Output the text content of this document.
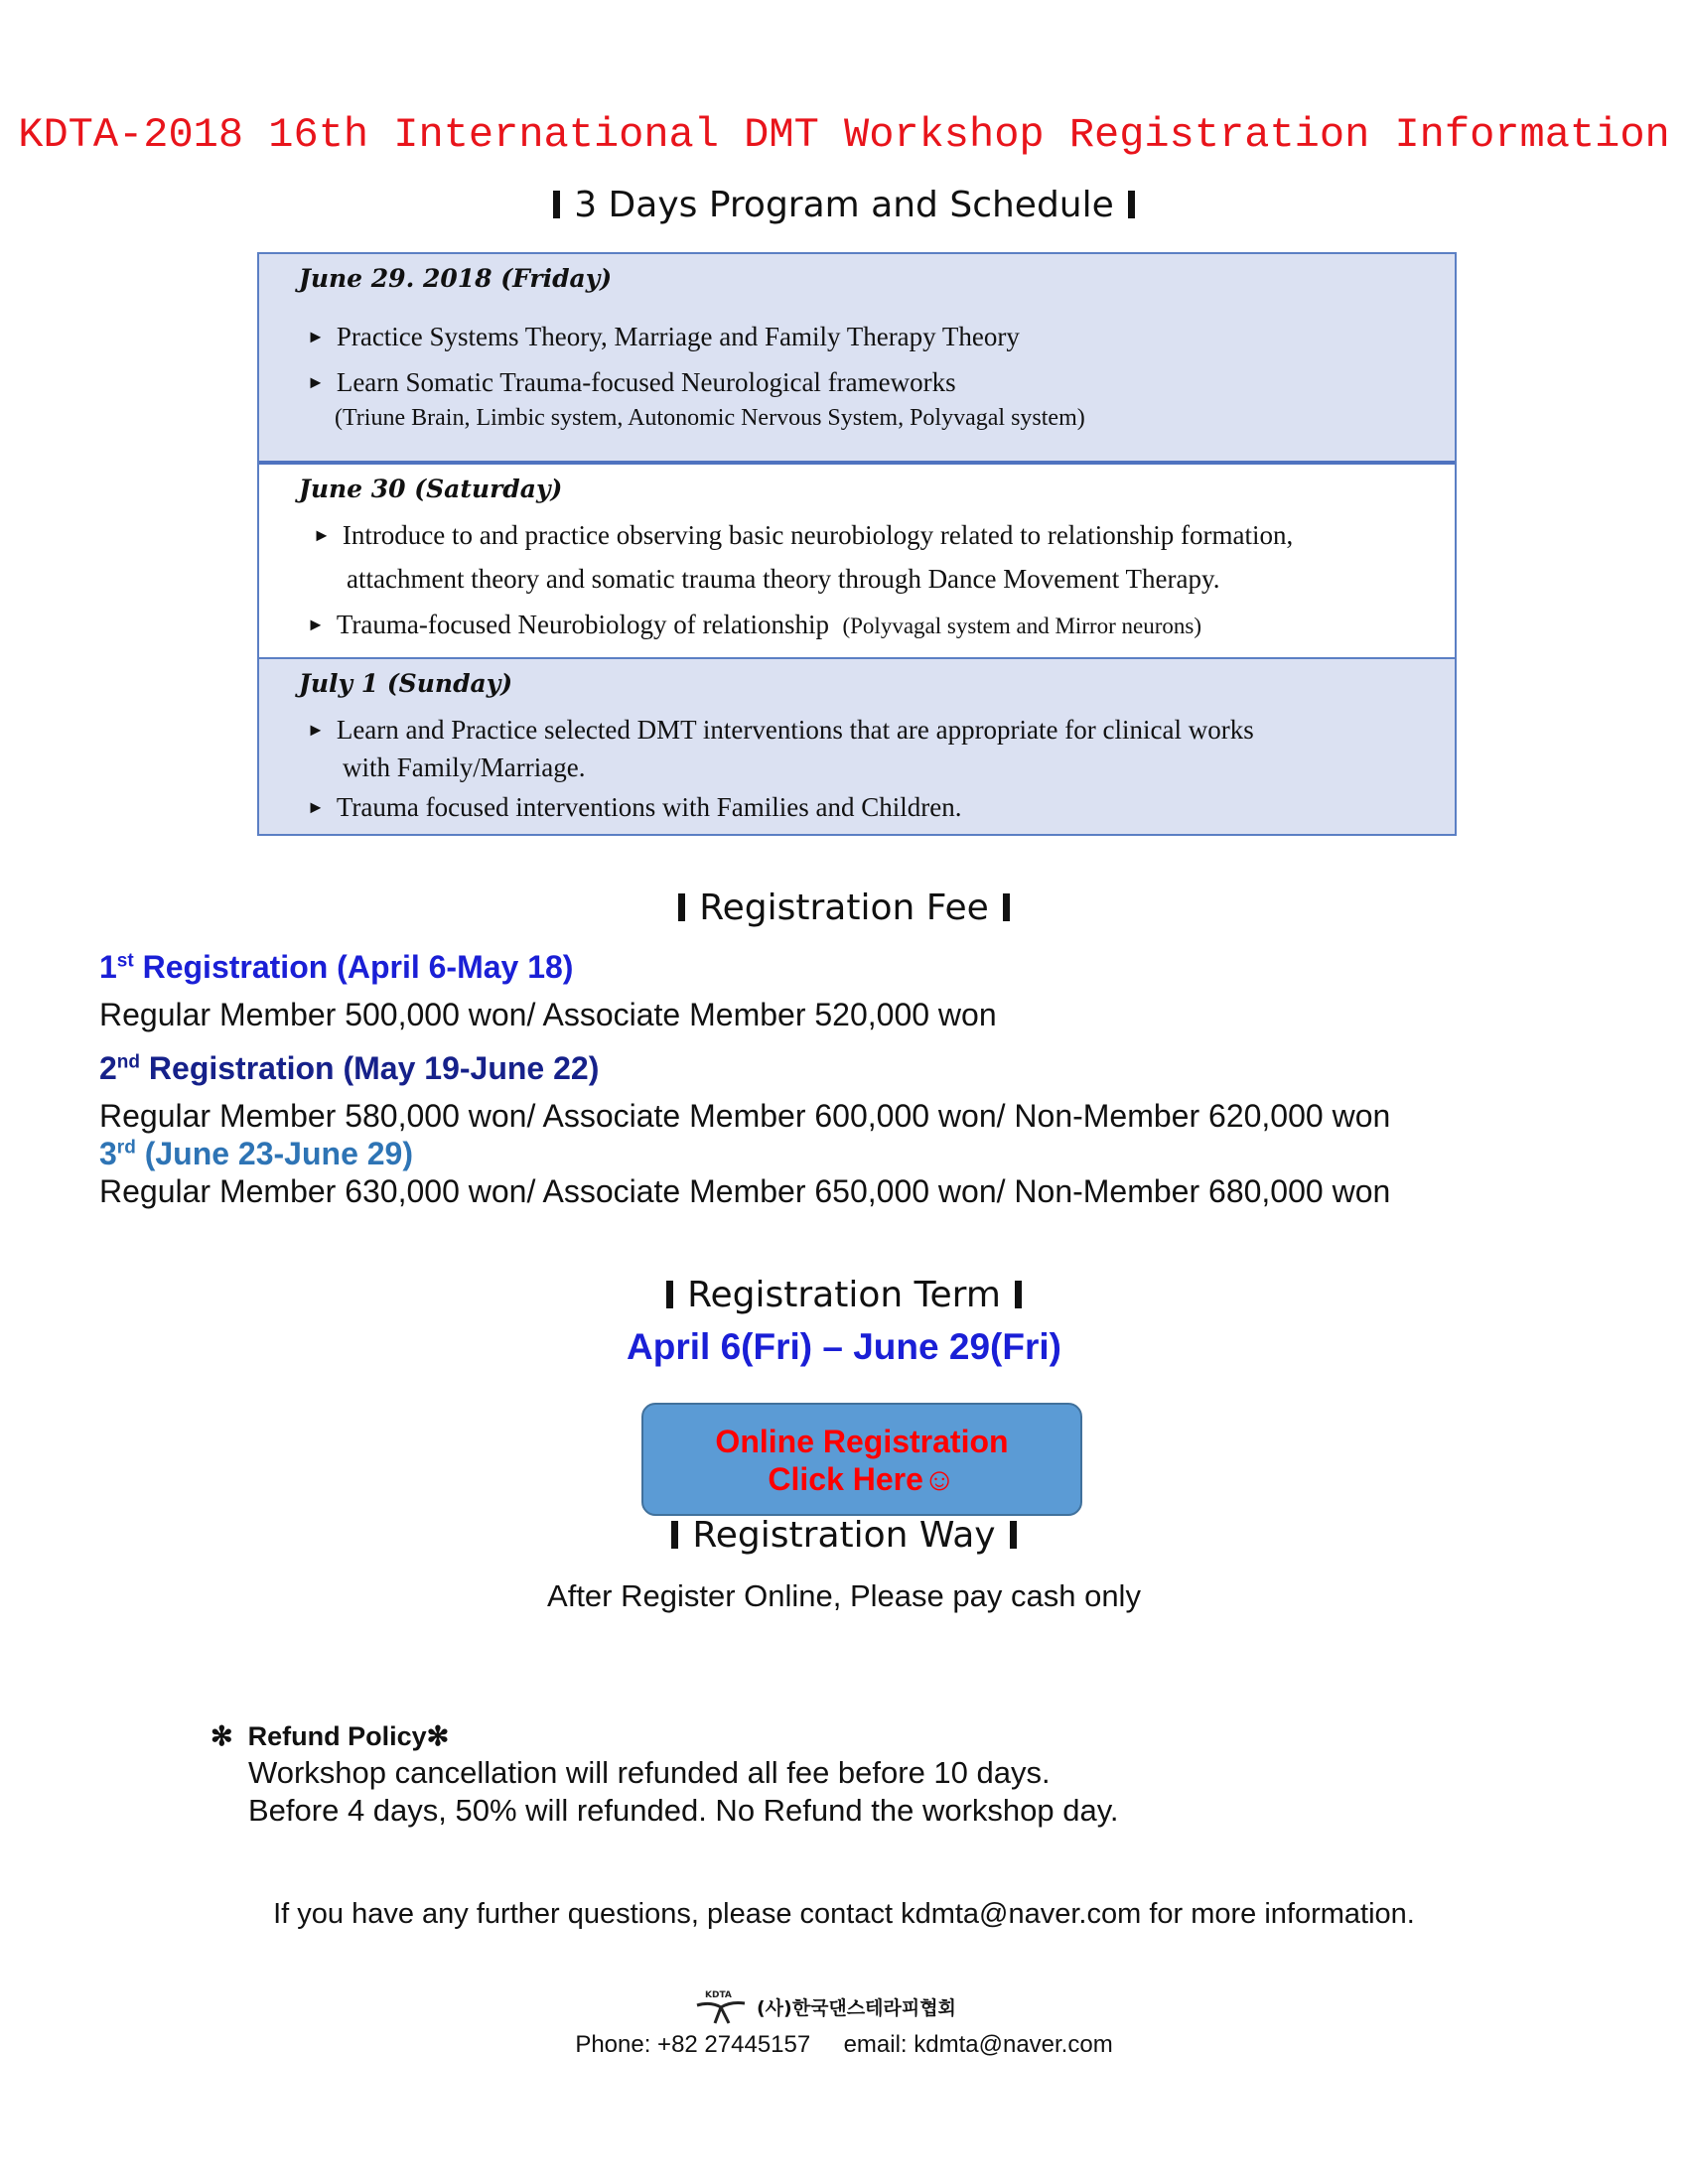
KDTA-2018 16th International DMT Workshop Registration Information
3 Days Program and Schedule
June 29. 2018 (Friday)
► Practice Systems Theory, Marriage and Family Therapy Theory
► Learn Somatic Trauma-focused Neurological frameworks
(Triune Brain, Limbic system, Autonomic Nervous System, Polyvagal system)
June 30 (Saturday)
► Introduce to and practice observing basic neurobiology related to relationship formation,
attachment theory and somatic trauma theory through Dance Movement Therapy.
► Trauma-focused Neurobiology of relationship (Polyvagal system and Mirror neurons)
July 1 (Sunday)
► Learn and Practice selected DMT interventions that are appropriate for clinical works
with Family/Marriage.
► Trauma focused interventions with Families and Children.
Registration Fee
1st Registration (April 6-May 18)
Regular Member 500,000 won/ Associate Member 520,000 won
2nd Registration (May 19-June 22)
Regular Member 580,000 won/ Associate Member 600,000 won/ Non-Member 620,000 won
3rd (June 23-June 29)
Regular Member 630,000 won/ Associate Member 650,000 won/ Non-Member 680,000 won
Registration Term
April 6(Fri) – June 29(Fri)
Online Registration
Click Here☺
Registration Way
After Register Online, Please pay cash only
✻ Refund Policy✻
Workshop cancellation will refunded all fee before 10 days.
Before 4 days, 50% will refunded. No Refund the workshop day.
If you have any further questions, please contact kdmta@naver.com for more information.
KDTA
(사)한국댄스테라피협회
Phone: +82 27445157 email: kdmta@naver.com
